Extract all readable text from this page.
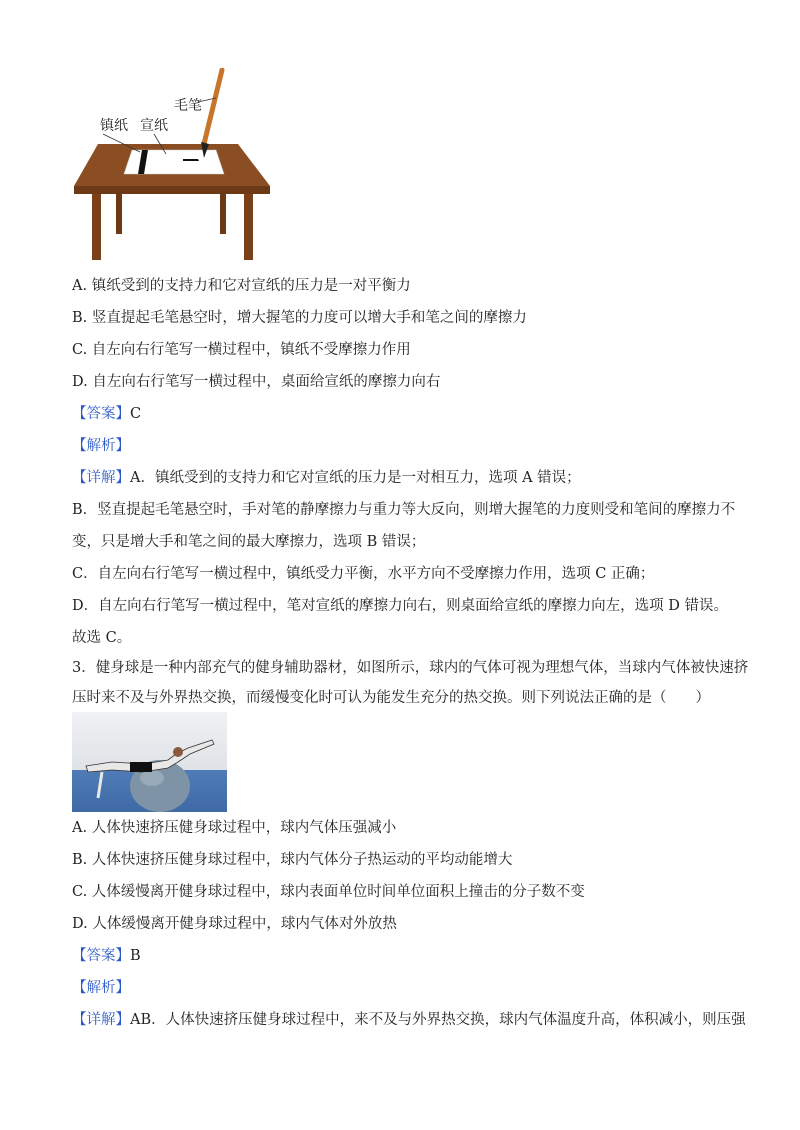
镇纸 宣纸
毛笔
A. 镇纸受到的支持力和它对宣纸的压力是一对平衡力
B. 竖直提起毛笔悬空时，增大握笔的力度可以增大手和笔之间的摩擦力
C. 自左向右行笔写一横过程中，镇纸不受摩擦力作用
D. 自左向右行笔写一横过程中，桌面给宣纸的摩擦力向右
【答案】C
【解析】
【详解】A．镇纸受到的支持力和它对宣纸的压力是一对相互力，选项 A 错误；
B．竖直提起毛笔悬空时，手对笔的静摩擦力与重力等大反向，则增大握笔的力度则受和笔间的摩擦力不
变，只是增大手和笔之间的最大摩擦力，选项 B 错误；
C．自左向右行笔写一横过程中，镇纸受力平衡，水平方向不受摩擦力作用，选项 C 正确；
D．自左向右行笔写一横过程中，笔对宣纸的摩擦力向右，则桌面给宣纸的摩擦力向左，选项 D 错误。
故选 C。
3．健身球是一种内部充气的健身辅助器材，如图所示，球内的气体可视为理想气体，当球内气体被快速挤
压时来不及与外界热交换，而缓慢变化时可认为能发生充分的热交换。则下列说法正确的是（　　）
A. 人体快速挤压健身球过程中，球内气体压强减小
B. 人体快速挤压健身球过程中，球内气体分子热运动的平均动能增大
C. 人体缓慢离开健身球过程中，球内表面单位时间单位面积上撞击的分子数不变
D. 人体缓慢离开健身球过程中，球内气体对外放热
【答案】B
【解析】
【详解】AB．人体快速挤压健身球过程中，来不及与外界热交换，球内气体温度升高，体积减小，则压强
